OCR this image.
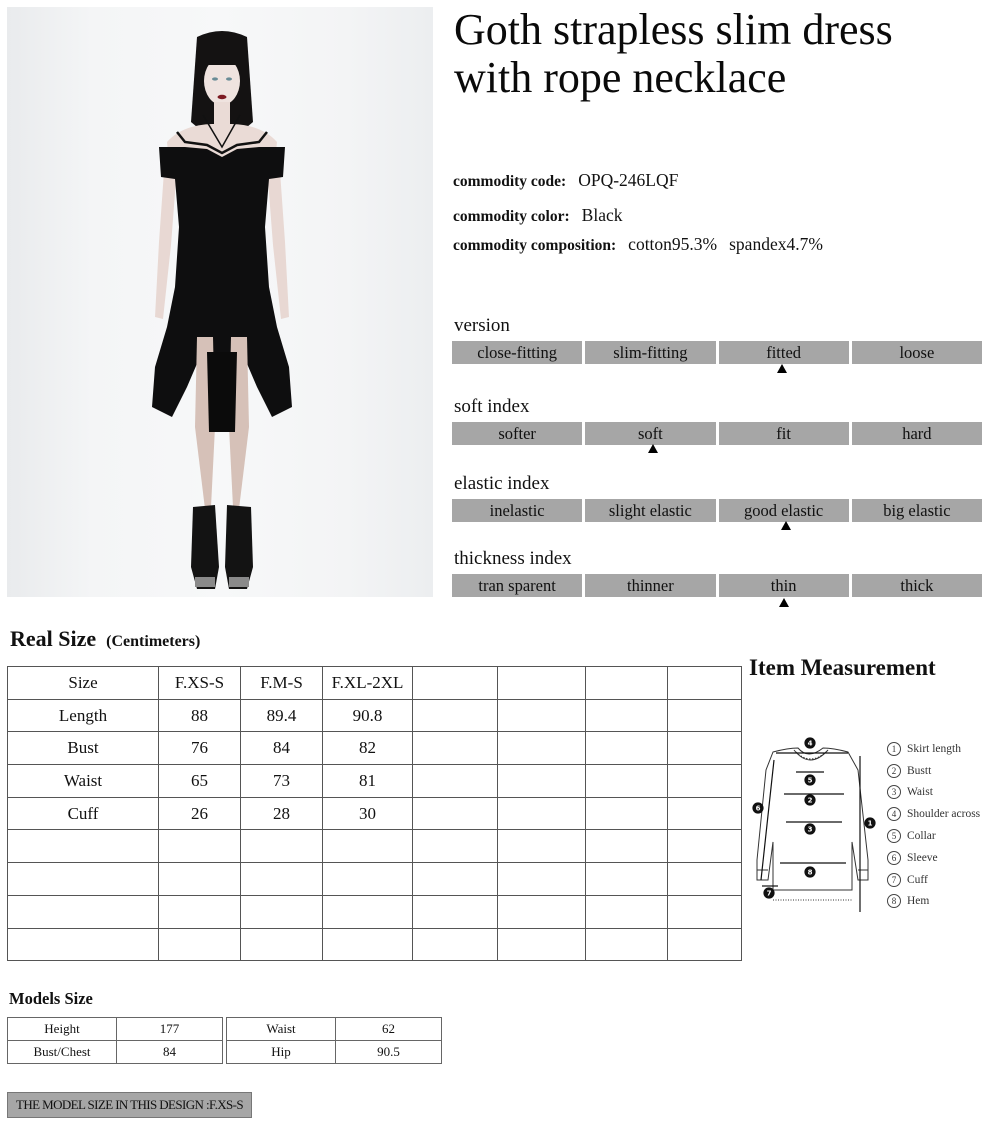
Goth strapless slim dress
with rope necklace
commodity code: OPQ-246LQF
commodity color: Black
commodity composition: cotton95.3% spandex4.7%
version
close-fitting	slim-fitting	fitted	loose
soft index
softer	soft	fit	hard
elastic index
inelastic	slight elastic	good elastic	big elastic
thickness index
tran sparent	thinner	thin	thick
Real Size (Centimeters)
Size	F.XS-S	F.M-S	F.XL-2XL				
Length	88	89.4	90.8				
Bust	76	84	82				
Waist	65	73	81				
Cuff	26	28	30				

Item Measurement
4
5
2
3
8
1
6
7
1 Skirt length
2 Bustt
3 Waist
4 Shoulder across
5 Collar
6 Sleeve
7 Cuff
8 Hem
Models Size
Height	177
Bust/Chest	84
Waist	62
Hip	90.5
THE MODEL SIZE IN THIS DESIGN :F.XS-S
